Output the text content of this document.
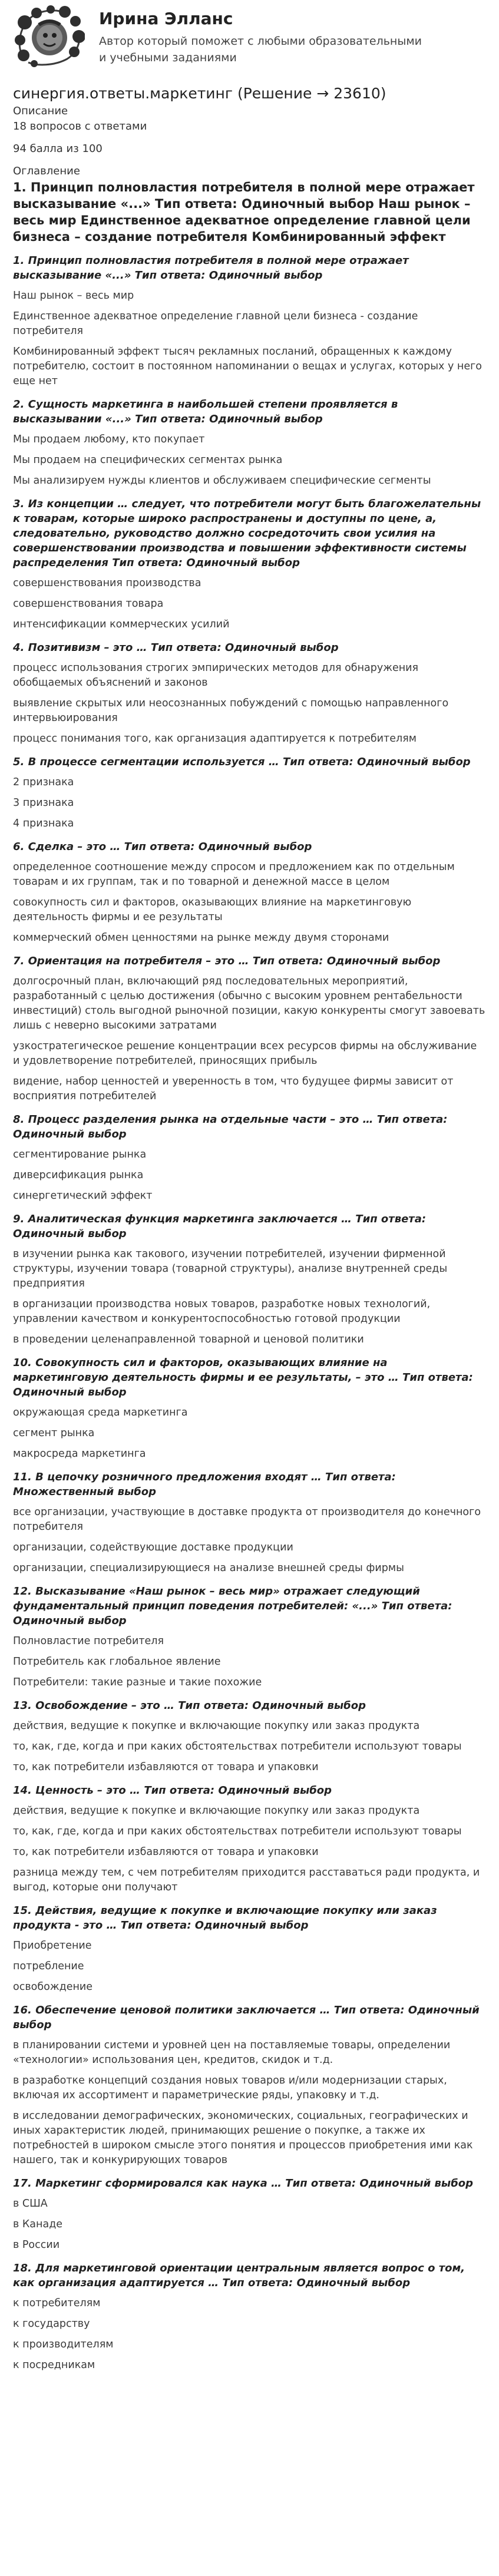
Ирина Элланс
Автор который поможет с любыми образовательными и учебными заданиями
синергия.ответы.маркетинг (Решение → 23610)
Описание
18 вопросов с ответами
94 балла из 100
Оглавление
1. Принцип полновластия потребителя в полной мере отражает высказывание «...» Тип ответа: Одиночный выбор Наш рынок – весь мир Единственное адекватное определение главной цели бизнеса – создание потребителя Комбинированный эффект
1. Принцип полновластия потребителя в полной мере отражает высказывание «...» Тип ответа: Одиночный выбор
Наш рынок – весь мир
Единственное адекватное определение главной цели бизнеса - создание потребителя
Комбинированный эффект тысяч рекламных посланий, обращенных к каждому потребителю, состоит в постоянном напоминании о вещах и услугах, которых у него еще нет
2. Сущность маркетинга в наибольшей степени проявляется в высказывании «...» Тип ответа: Одиночный выбор
Мы продаем любому, кто покупает
Мы продаем на специфических сегментах рынка
Мы анализируем нужды клиентов и обслуживаем специфические сегменты
3. Из концепции … следует, что потребители могут быть благожелательны к товарам, которые широко распространены и доступны по цене, а, следовательно, руководство должно сосредоточить свои усилия на совершенствовании производства и повышении эффективности системы распределения Тип ответа: Одиночный выбор
совершенствования производства
совершенствования товара
интенсификации коммерческих усилий
4. Позитивизм – это … Тип ответа: Одиночный выбор
процесс использования строгих эмпирических методов для обнаружения обобщаемых объяснений и законов
выявление скрытых или неосознанных побуждений с помощью направленного интервьюирования
процесс понимания того, как организация адаптируется к потребителям
5. В процессе сегментации используется … Тип ответа: Одиночный выбор
2 признака
3 признака
4 признака
6. Сделка – это … Тип ответа: Одиночный выбор
определенное соотношение между спросом и предложением как по отдельным товарам и их группам, так и по товарной и денежной массе в целом
совокупность сил и факторов, оказывающих влияние на маркетинговую деятельность фирмы и ее результаты
коммерческий обмен ценностями на рынке между двумя сторонами
7. Ориентация на потребителя – это … Тип ответа: Одиночный выбор
долгосрочный план, включающий ряд последовательных мероприятий, разработанный с целью достижения (обычно с высоким уровнем рентабельности инвестиций) столь выгодной рыночной позиции, какую конкуренты смогут завоевать лишь с неверно высокими затратами
узкостратегическое решение концентрации всех ресурсов фирмы на обслуживание и удовлетворение потребителей, приносящих прибыль
видение, набор ценностей и уверенность в том, что будущее фирмы зависит от восприятия потребителей
8. Процесс разделения рынка на отдельные части – это … Тип ответа: Одиночный выбор
сегментирование рынка
диверсификация рынка
синергетический эффект
9. Аналитическая функция маркетинга заключается … Тип ответа: Одиночный выбор
в изучении рынка как такового, изучении потребителей, изучении фирменной структуры, изучении товара (товарной структуры), анализе внутренней среды предприятия
в организации производства новых товаров, разработке новых технологий, управлении качеством и конкурентоспособностью готовой продукции
в проведении целенаправленной товарной и ценовой политики
10. Совокупность сил и факторов, оказывающих влияние на маркетинговую деятельность фирмы и ее результаты, – это … Тип ответа: Одиночный выбор
окружающая среда маркетинга
сегмент рынка
макросреда маркетинга
11. В цепочку розничного предложения входят … Тип ответа: Множественный выбор
все организации, участвующие в доставке продукта от производителя до конечного потребителя
организации, содействующие доставке продукции
организации, специализирующиеся на анализе внешней среды фирмы
12. Высказывание «Наш рынок – весь мир» отражает следующий фундаментальный принцип поведения потребителей: «...» Тип ответа: Одиночный выбор
Полновластие потребителя
Потребитель как глобальное явление
Потребители: такие разные и такие похожие
13. Освобождение – это … Тип ответа: Одиночный выбор
действия, ведущие к покупке и включающие покупку или заказ продукта
то, как, где, когда и при каких обстоятельствах потребители используют товары
то, как потребители избавляются от товара и упаковки
14. Ценность – это … Тип ответа: Одиночный выбор
действия, ведущие к покупке и включающие покупку или заказ продукта
то, как, где, когда и при каких обстоятельствах потребители используют товары
то, как потребители избавляются от товара и упаковки
разница между тем, с чем потребителям приходится расставаться ради продукта, и выгод, которые они получают
15. Действия, ведущие к покупке и включающие покупку или заказ продукта - это … Тип ответа: Одиночный выбор
Приобретение
потребление
освобождение
16. Обеспечение ценовой политики заключается … Тип ответа: Одиночный выбор
в планировании системи и уровней цен на поставляемые товары, определении «технологии» использования цен, кредитов, скидок и т.д.
в разработке концепций создания новых товаров и/или модернизации старых, включая их ассортимент и параметрические ряды, упаковку и т.д.
в исследовании демографических, экономических, социальных, географических и иных характеристик людей, принимающих решение о покупке, а также их потребностей в широком смысле этого понятия и процессов приобретения ими как нашего, так и конкурирующих товаров
17. Маркетинг сформировался как наука … Тип ответа: Одиночный выбор
в США
в Канаде
в России
18. Для маркетинговой ориентации центральным является вопрос о том, как организация адаптируется … Тип ответа: Одиночный выбор
к потребителям
к государству
к производителям
к посредникам
